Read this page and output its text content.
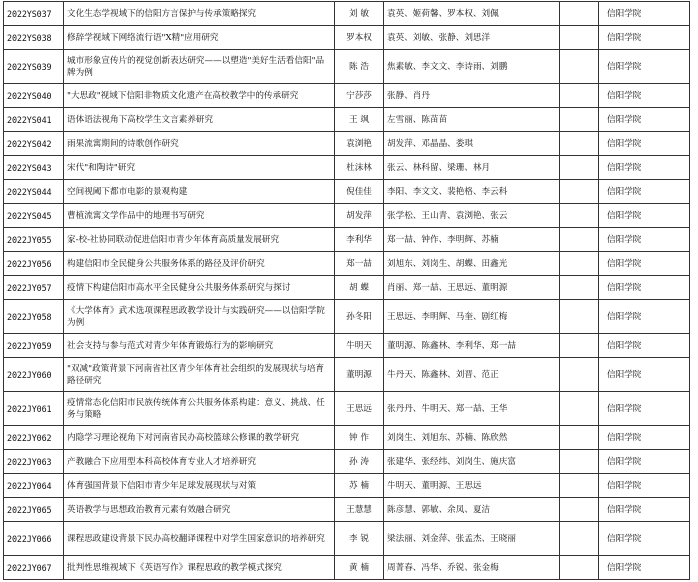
2022YS037	文化生态学视域下的信阳方言保护与传承策略探究	刘 敏	袁英、姬荷馨、罗本权、刘佩		信阳学院
2022YS038	修辞学视域下网络流行语"X精"应用研究	罗本权	袁英、刘敏、张静、刘思洋		信阳学院
2022YS039	城市形象宣传片的视觉创新表达研究——以塑造"美好生活看信阳"品牌为例	陈 浩	焦素敏、李文文、李诗雨、刘鹏		信阳学院
2022YS040	"大思政"视域下信阳非物质文化遗产在高校教学中的传承研究	宁莎莎	张静、肖丹		信阳学院
2022YS041	语体语法视角下高校学生文言素养研究	王 飒	左雪丽、陈苗苗		信阳学院
2022YS042	雨果流寓期间的诗歌创作研究	袁浏艳	胡发萍、邓晶晶、娄琪		信阳学院
2022YS043	宋代"和陶诗"研究	杜沫林	张云、林科留、梁珊、林月		信阳学院
2022YS044	空间视阈下都市电影的景观构建	倪佳佳	李阳、李文文、裴艳格、李云科		信阳学院
2022YS045	曹植流寓文学作品中的地理书写研究	胡发萍	张学松、王山青、袁浏艳、张云		信阳学院
2022JY055	家-校-社协同联动促进信阳市青少年体育高质量发展研究	李利华	郑一喆、钟作、李明辉、苏楠		信阳学院
2022JY056	构建信阳市全民健身公共服务体系的路径及评价研究	郑一喆	刘旭东、刘岗生、胡蝶、田鑫光		信阳学院
2022JY057	疫情下构建信阳市高水平全民健身公共服务体系研究与探讨	胡 蝶	肖丽、郑一喆、王思远、董明源		信阳学院
2022JY058	《大学体育》武术选项课程思政教学设计与实践研究——以信阳学院为例	孙冬阳	王思远、李明辉、马奎、剧红梅		信阳学院
2022JY059	社会支持与参与范式对青少年体育锻炼行为的影响研究	牛明天	董明源、陈鑫林、李利华、郑一喆		信阳学院
2022JY060	"双减"政策背景下河南省社区青少年体育社会组织的发展现状与培育路径研究	董明源	牛丹天、陈鑫林、刘晋、范正		信阳学院
2022JY061	疫情常态化信阳市民族传统体育公共服务体系构建：意义、挑战、任务与策略	王思远	张丹丹、牛明天、郑一喆、王华		信阳学院
2022JY062	内隐学习理论视角下对河南省民办高校篮球公修课的教学研究	钟 作	刘岗生、刘旭东、苏楠、陈欣然		信阳学院
2022JY063	产教融合下应用型本科高校体育专业人才培养研究	孙 涛	张建华、张经纬、刘岗生、施庆富		信阳学院
2022JY064	体育强国背景下信阳市青少年足球发展现状与对策	苏 楠	牛明天、董明源、王思远		信阳学院
2022JY065	英语教学与思想政治教育元素有效融合研究	王慧慧	陈彦慧、郭敏、余凤、夏洁		信阳学院
2022JY066	课程思政建设背景下民办高校翻译课程中对学生国家意识的培养研究	李 锐	梁法丽、刘金萍、张孟杰、王晓丽		信阳学院
2022JY067	批判性思维视域下《英语写作》课程思政的教学模式探究	黄 楠	周菁春、冯华、乔锐、张金梅		信阳学院
